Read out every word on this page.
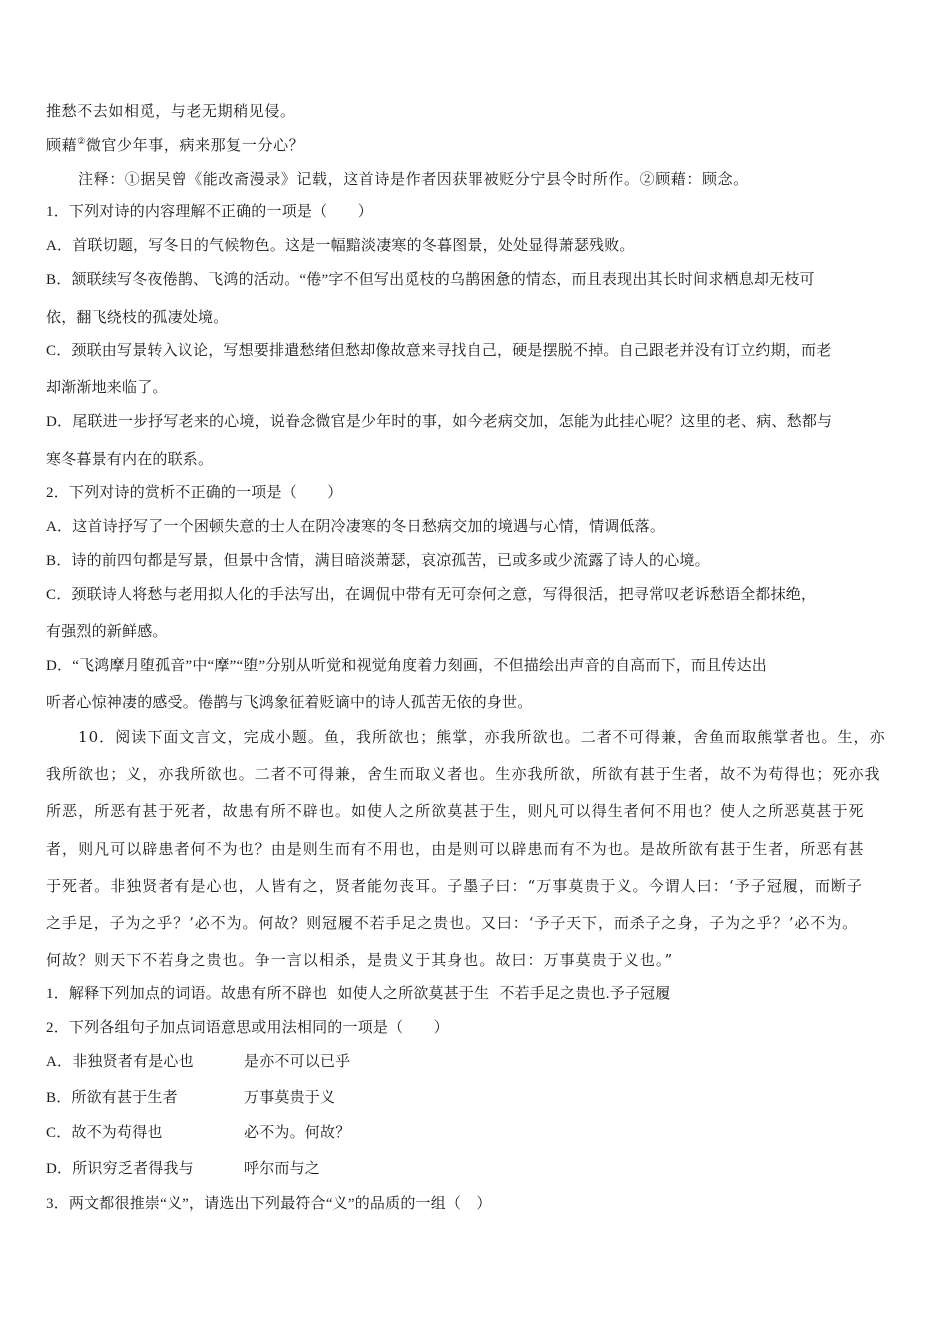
推愁不去如相觅，与老无期稍见侵。
顾藉②微官少年事，病来那复一分心？
注释：①据吴曾《能改斋漫录》记载，这首诗是作者因获罪被贬分宁县令时所作。②顾藉：顾念。
1．下列对诗的内容理解不正确的一项是（　　）
A．首联切题，写冬日的气候物色。这是一幅黯淡凄寒的冬暮图景，处处显得萧瑟残败。
B．颔联续写冬夜倦鹊、飞鸿的活动。“倦”字不但写出觅枝的乌鹊困惫的情态，而且表现出其长时间求栖息却无枝可
依，翻飞绕枝的孤凄处境。
C．颈联由写景转入议论，写想要排遣愁绪但愁却像故意来寻找自己，硬是摆脱不掉。自己跟老并没有订立约期，而老
却渐渐地来临了。
D．尾联进一步抒写老来的心境，说眷念微官是少年时的事，如今老病交加，怎能为此挂心呢？这里的老、病、愁都与
寒冬暮景有内在的联系。
2．下列对诗的赏析不正确的一项是（　　）
A．这首诗抒写了一个困顿失意的士人在阴冷凄寒的冬日愁病交加的境遇与心情，情调低落。
B．诗的前四句都是写景，但景中含情，满目暗淡萧瑟，哀凉孤苦，已或多或少流露了诗人的心境。
C．颈联诗人将愁与老用拟人化的手法写出，在调侃中带有无可奈何之意，写得很活，把寻常叹老诉愁语全都抹绝，
有强烈的新鲜感。
D．“飞鸿摩月堕孤音”中“摩”“堕”分别从听觉和视觉角度着力刻画，不但描绘出声音的自高而下，而且传达出
听者心惊神凄的感受。倦鹊与飞鸿象征着贬谪中的诗人孤苦无依的身世。
10．阅读下面文言文，完成小题。鱼，我所欲也；熊掌，亦我所欲也。二者不可得兼，舍鱼而取熊掌者也。生，亦
我所欲也；义，亦我所欲也。二者不可得兼，舍生而取义者也。生亦我所欲，所欲有甚于生者，故不为苟得也；死亦我
所恶，所恶有甚于死者，故患有所不辟也。如使人之所欲莫甚于生，则凡可以得生者何不用也？使人之所恶莫甚于死
者，则凡可以辟患者何不为也？由是则生而有不用也，由是则可以辟患而有不为也。是故所欲有甚于生者，所恶有甚
于死者。非独贤者有是心也，人皆有之，贤者能勿丧耳。子墨子曰：“万事莫贵于义。今谓人曰：‘予子冠履，而断子
之手足，子为之乎？’必不为。何故？则冠履不若手足之贵也。又曰：‘予子天下，而杀子之身，子为之乎？’必不为。
何故？则天下不若身之贵也。争一言以相杀，是贵义于其身也。故曰：万事莫贵于义也。”
1．解释下列加点的词语。故患有所不辟也 如使人之所欲莫甚于生 不若手足之贵也.予子冠履
2．下列各组句子加点词语意思或用法相同的一项是（　　）
A．非独贤者有是心也	是亦不可以已乎
B．所欲有甚于生者	万事莫贵于义
C．故不为苟得也	必不为。何故？
D．所识穷乏者得我与	呼尔而与之
3．两文都很推崇“义”，请选出下列最符合“义”的品质的一组（　）
